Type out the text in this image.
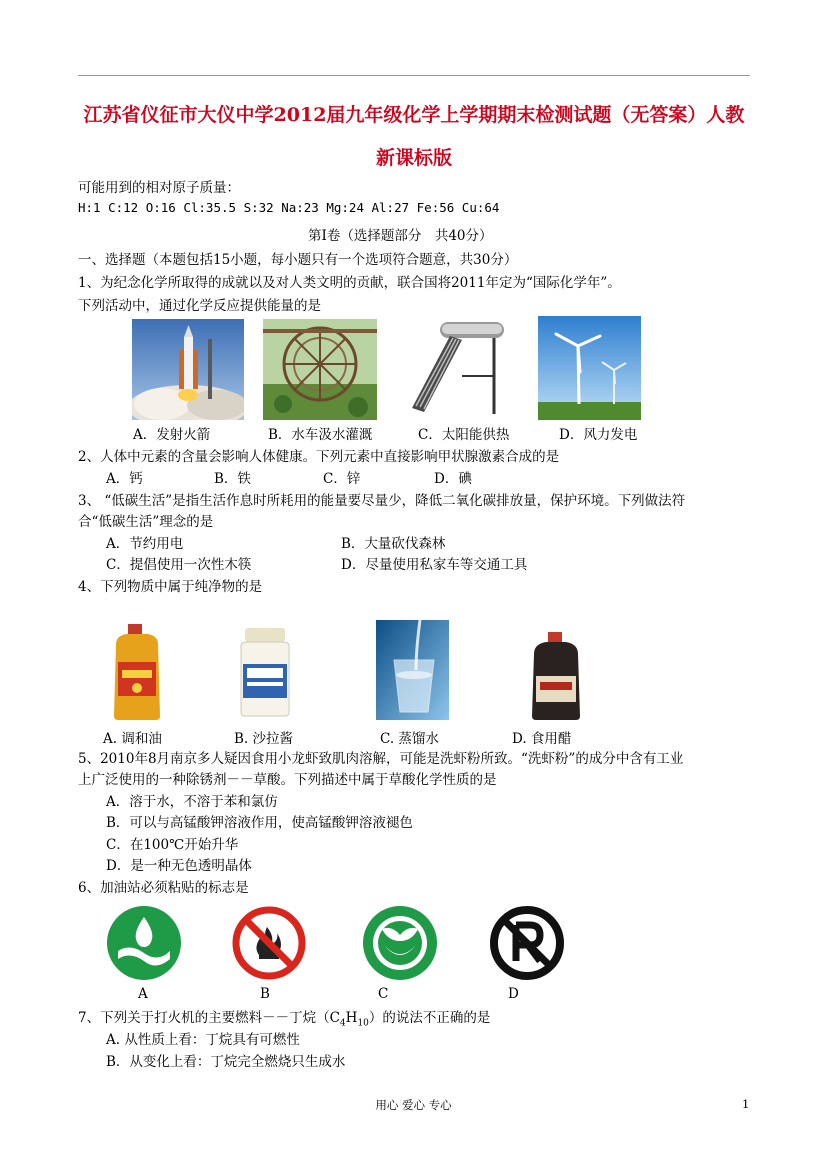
江苏省仪征市大仪中学2012届九年级化学上学期期末检测试题（无答案）人教
新课标版
可能用到的相对原子质量：
H:1 C:12 O:16 Cl:35.5 S:32 Na:23 Mg:24 Al:27 Fe:56 Cu:64
第Ⅰ卷（选择题部分　共40分）
一、选择题（本题包括15小题，每小题只有一个选项符合题意，共30分）
1、为纪念化学所取得的成就以及对人类文明的贡献，联合国将2011年定为“国际化学年”。
下列活动中，通过化学反应提供能量的是
A．发射火箭	B．水车汲水灌溉	C．太阳能供热	D．风力发电
2、人体中元素的含量会影响人体健康。下列元素中直接影响甲状腺激素合成的是
A．钙	B．铁	C．锌	D．碘
3、 “低碳生活”是指生活作息时所耗用的能量要尽量少，降低二氧化碳排放量，保护环境。下列做法符
合“低碳生活”理念的是
A．节约用电	B．大量砍伐森林
C．提倡使用一次性木筷	D．尽量使用私家车等交通工具
4、下列物质中属于纯净物的是
A. 调和油	B. 沙拉酱	C. 蒸馏水	D. 食用醋
5、2010年8月南京多人疑因食用小龙虾致肌肉溶解，可能是洗虾粉所致。“洗虾粉”的成分中含有工业
上广泛使用的一种除锈剂－－草酸。下列描述中属于草酸化学性质的是
A．溶于水，不溶于苯和氯仿
B．可以与高锰酸钾溶液作用，使高锰酸钾溶液褪色
C．在100℃开始升华
D．是一种无色透明晶体
6、加油站必须粘贴的标志是
A	B	C	D
7、下列关于打火机的主要燃料－－丁烷$(C_4H_{10})$的说法不正确的是
A. 从性质上看：丁烷具有可燃性
B．从变化上看：丁烷完全燃烧只生成水
用心 爱心 专心	1
